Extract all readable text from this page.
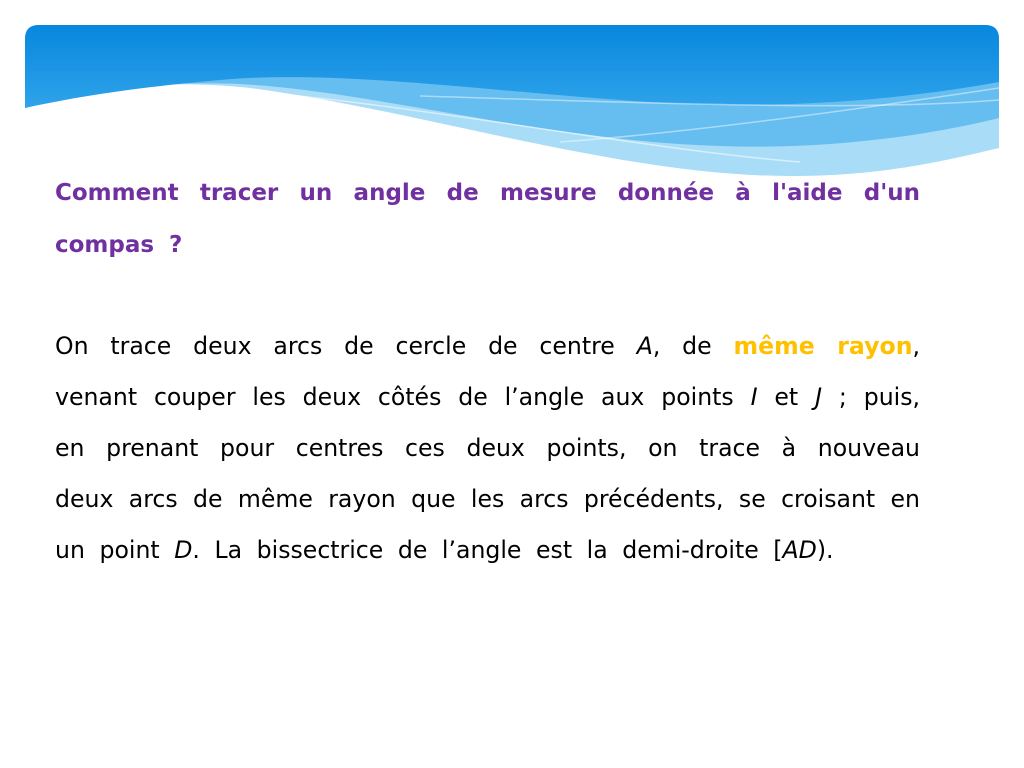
Comment tracer un angle de mesure donnée à l'aide d'un compas ?

On trace deux arcs de cercle de centre A, de même rayon, venant couper les deux côtés de l’angle aux points I et J ; puis, en prenant pour centres ces deux points, on trace à nouveau deux arcs de même rayon que les arcs précédents, se croisant en un point D. La bissectrice de l’angle est la demi-droite [AD).
